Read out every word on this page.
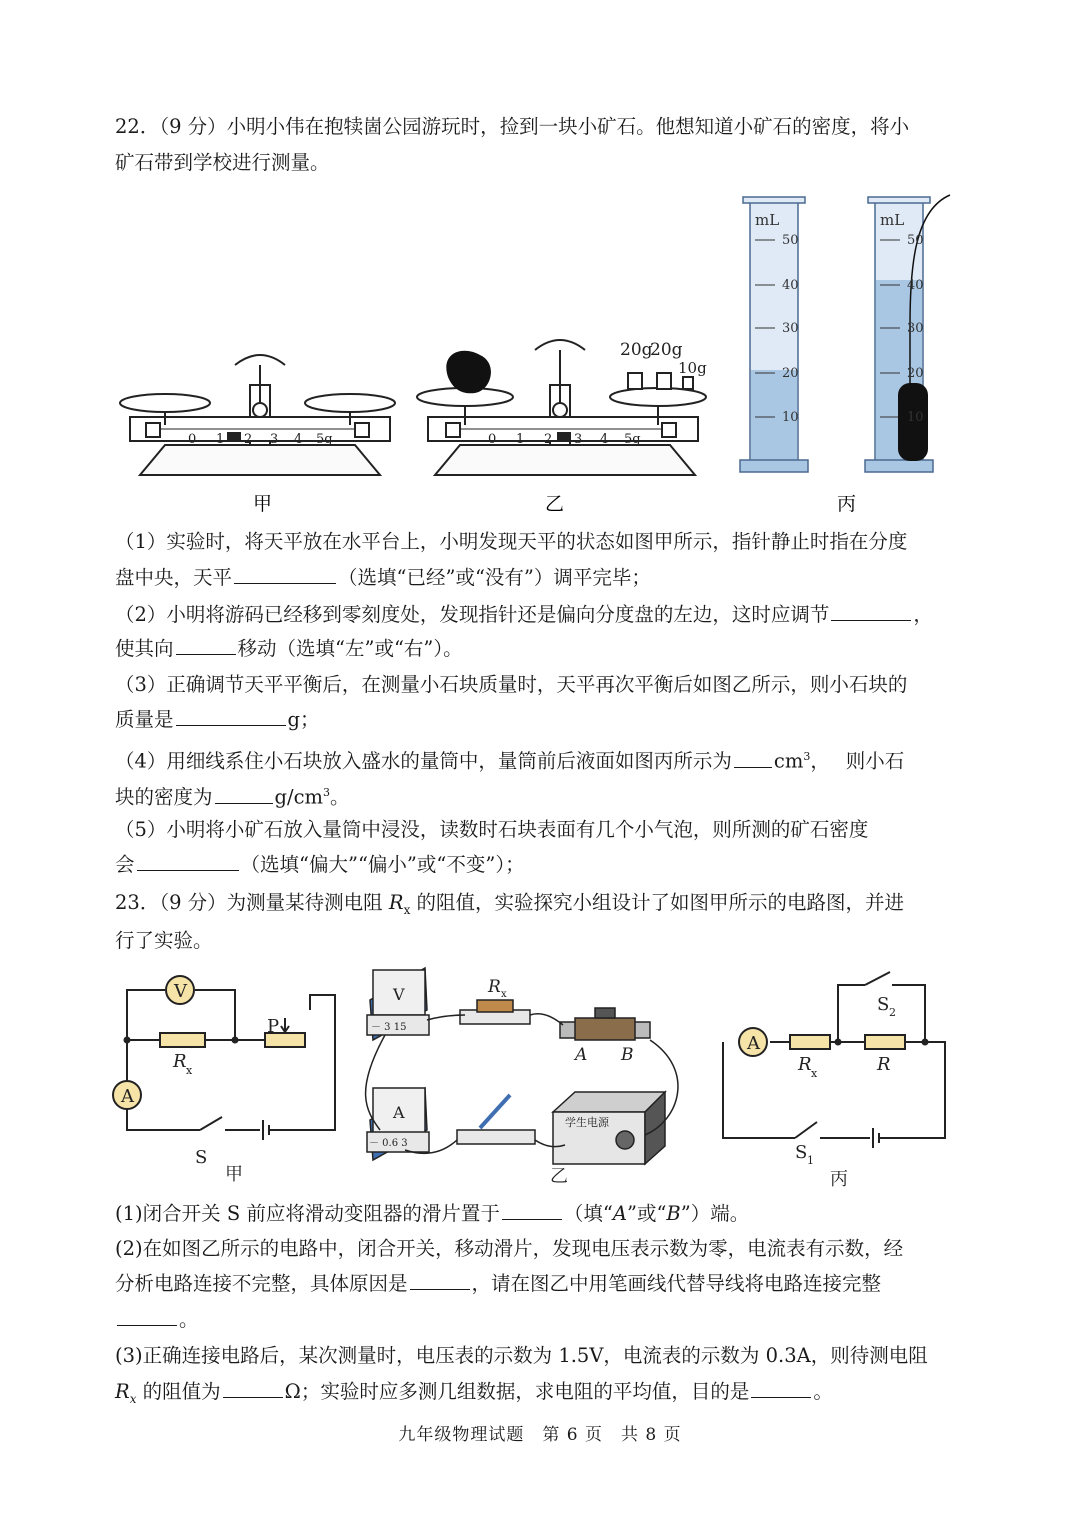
22．（9 分）小明小伟在抱犊崮公园游玩时，捡到一块小矿石。他想知道小矿石的密度，将小
矿石带到学校进行测量。
0 1 2 3 4 5g
甲
0 1 2 3 4 5g
20g
20g
10g
乙
mL
50
40
30
20
10
mL
50
40
30
20
10
丙
（1）实验时，将天平放在水平台上，小明发现天平的状态如图甲所示，指针静止时指在分度
盘中央，天平	（选填“已经”或“没有”）调平完毕；
（2）小明将游码已经移到零刻度处，发现指针还是偏向分度盘的左边，这时应调节	，
使其向	移动（选填“左”或“右”）。
（3）正确调节天平平衡后，在测量小石块质量时，天平再次平衡后如图乙所示，则小石块的
质量是	g；
（4）用细线系住小石块放入盛水的量筒中，量筒前后液面如图丙所示为 $cm^3$，　 则小石
块的密度为	$g/cm^3$。
（5）小明将小矿石放入量筒中浸没，读数时石块表面有几个小气泡，则所测的矿石密度
会	（选填“偏大”“偏小”或“不变”）；
23．（9 分）为测量某待测电阻 $R_x$ 的阻值，实验探究小组设计了如图甲所示的电路图，并进
行了实验。
V
A
P
R x
S
甲
V
－ 3 15
R x
A B
A
－ 0.6 3
学生电源
乙
A
R x	R
S 2
S 1
丙
(1)闭合开关 S 前应将滑动变阻器的滑片置于	（填“A”或“B”）端。
(2)在如图乙所示的电路中，闭合开关，移动滑片，发现电压表示数为零，电流表有示数，经
分析电路连接不完整，具体原因是	，请在图乙中用笔画线代替导线将电路连接完整
。
(3)正确连接电路后，某次测量时，电压表的示数为 1.5V，电流表的示数为 0.3A，则待测电阻
$R_x$ 的阻值为	Ω；实验时应多测几组数据，求电阻的平均值，目的是	。
九年级物理试题　第 6 页　共 8 页
